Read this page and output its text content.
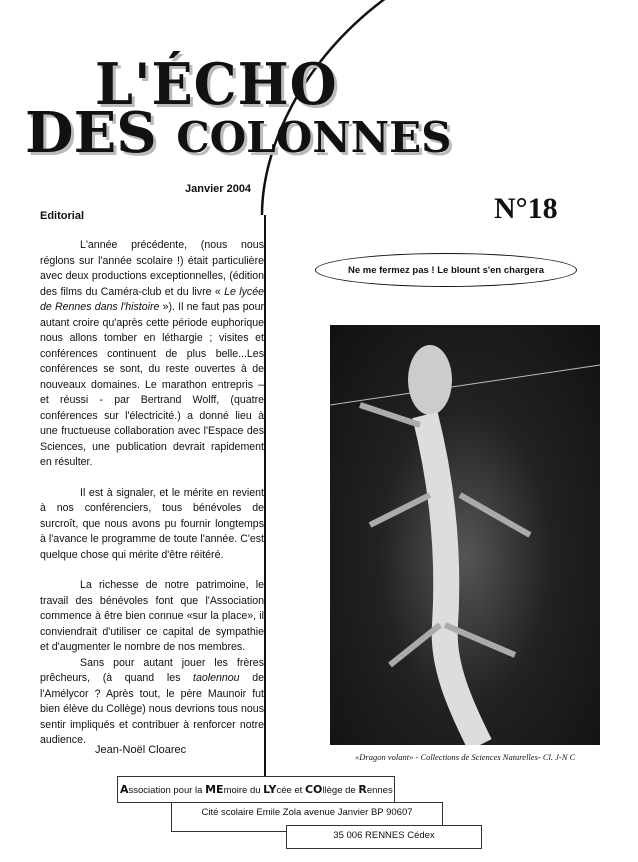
L'ÉCHO
DES COLONNES
Janvier 2004
N°18
Editorial

L'année précédente, (nous nous réglons sur l'année scolaire !) était particulière avec deux productions exceptionnelles, (édition des films du Caméra-club et du livre « Le lycée de Rennes dans l'histoire »). Il ne faut pas pour autant croire qu'après cette période euphorique nous allons tomber en léthargie ; visites et conférences continuent de plus belle...Les conférences se sont, du reste ouvertes à de nouveaux domaines. Le marathon entrepris – et réussi - par Bertrand Wolff, (quatre conférences sur l'électricité.) a donné lieu à une fructueuse collaboration avec l'Espace des Sciences, une publication devrait rapidement en résulter.

Il est à signaler, et le mérite en revient à nos conférenciers, tous bénévoles de surcroît, que nous avons pu fournir longtemps à l'avance le programme de toute l'année. C'est quelque chose qui mérite d'être réitéré.

La richesse de notre patrimoine, le travail des bénévoles font que l'Association commence à être bien connue «sur la place», il conviendrait d'utiliser ce capital de sympathie et d'augmenter le nombre de nos membres.

Sans pour autant jouer les frères prêcheurs, (à quand les taolennou de l'Amélycor ? Après tout, le père Maunoir fut bien élève du Collège) nous devrions tous nous sentir impliqués et contribuer à renforcer notre audience.

Jean-Noël Cloarec
Ne me fermez pas ! Le blount s'en chargera
«Dragon volant» - Collections de Sciences Naturelles- Cl. J-N C
Association pour la MEmoire du LYcée et COllège de Rennes
Cité scolaire Emile Zola avenue Janvier BP 90607
35 006 RENNES Cédex
